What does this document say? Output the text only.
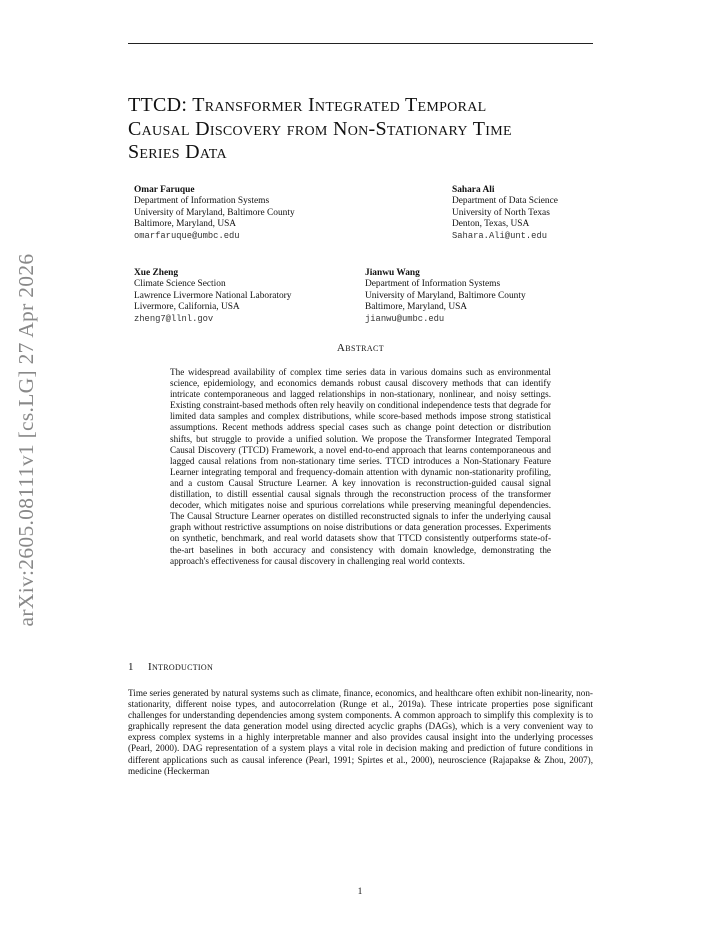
arXiv:2605.08111v1 [cs.LG] 27 Apr 2026
TTCD: Transformer Integrated Temporal
Causal Discovery from Non-Stationary Time
Series Data
Omar Faruque
Department of Information Systems
University of Maryland, Baltimore County
Baltimore, Maryland, USA
omarfaruque@umbc.edu
Sahara Ali
Department of Data Science
University of North Texas
Denton, Texas, USA
Sahara.Ali@unt.edu
Xue Zheng
Climate Science Section
Lawrence Livermore National Laboratory
Livermore, California, USA
zheng7@llnl.gov
Jianwu Wang
Department of Information Systems
University of Maryland, Baltimore County
Baltimore, Maryland, USA
jianwu@umbc.edu
Abstract

The widespread availability of complex time series data in various domains such as environmental science, epidemiology, and economics demands robust causal discovery methods that can identify intricate contemporaneous and lagged relationships in non-stationary, nonlinear, and noisy settings. Existing constraint-based methods often rely heavily on conditional independence tests that degrade for limited data samples and complex distributions, while score-based methods impose strong statistical assumptions. Recent methods address special cases such as change point detection or distribution shifts, but struggle to provide a unified solution. We propose the Transformer Integrated Temporal Causal Discovery (TTCD) Framework, a novel end-to-end approach that learns contemporaneous and lagged causal relations from non-stationary time series. TTCD introduces a Non-Stationary Feature Learner integrating temporal and frequency-domain attention with dynamic non-stationarity profiling, and a custom Causal Structure Learner. A key innovation is reconstruction-guided causal signal distillation, to distill essential causal signals through the reconstruction process of the transformer decoder, which mitigates noise and spurious correlations while preserving meaningful dependencies. The Causal Structure Learner operates on distilled reconstructed signals to infer the underlying causal graph without restrictive assumptions on noise distributions or data generation processes. Experiments on synthetic, benchmark, and real world datasets show that TTCD consistently outperforms state-of-the-art baselines in both accuracy and consistency with domain knowledge, demonstrating the approach's effectiveness for causal discovery in challenging real world contexts.

1 Introduction

Time series generated by natural systems such as climate, finance, economics, and healthcare often exhibit non-linearity, non-stationarity, different noise types, and autocorrelation (Runge et al., 2019a). These intricate properties pose significant challenges for understanding dependencies among system components. A common approach to simplify this complexity is to graphically represent the data generation model using directed acyclic graphs (DAGs), which is a very convenient way to express complex systems in a highly interpretable manner and also provides causal insight into the underlying processes (Pearl, 2000). DAG representation of a system plays a vital role in decision making and prediction of future conditions in different applications such as causal inference (Pearl, 1991; Spirtes et al., 2000), neuroscience (Rajapakse & Zhou, 2007), medicine (Heckerman

1
